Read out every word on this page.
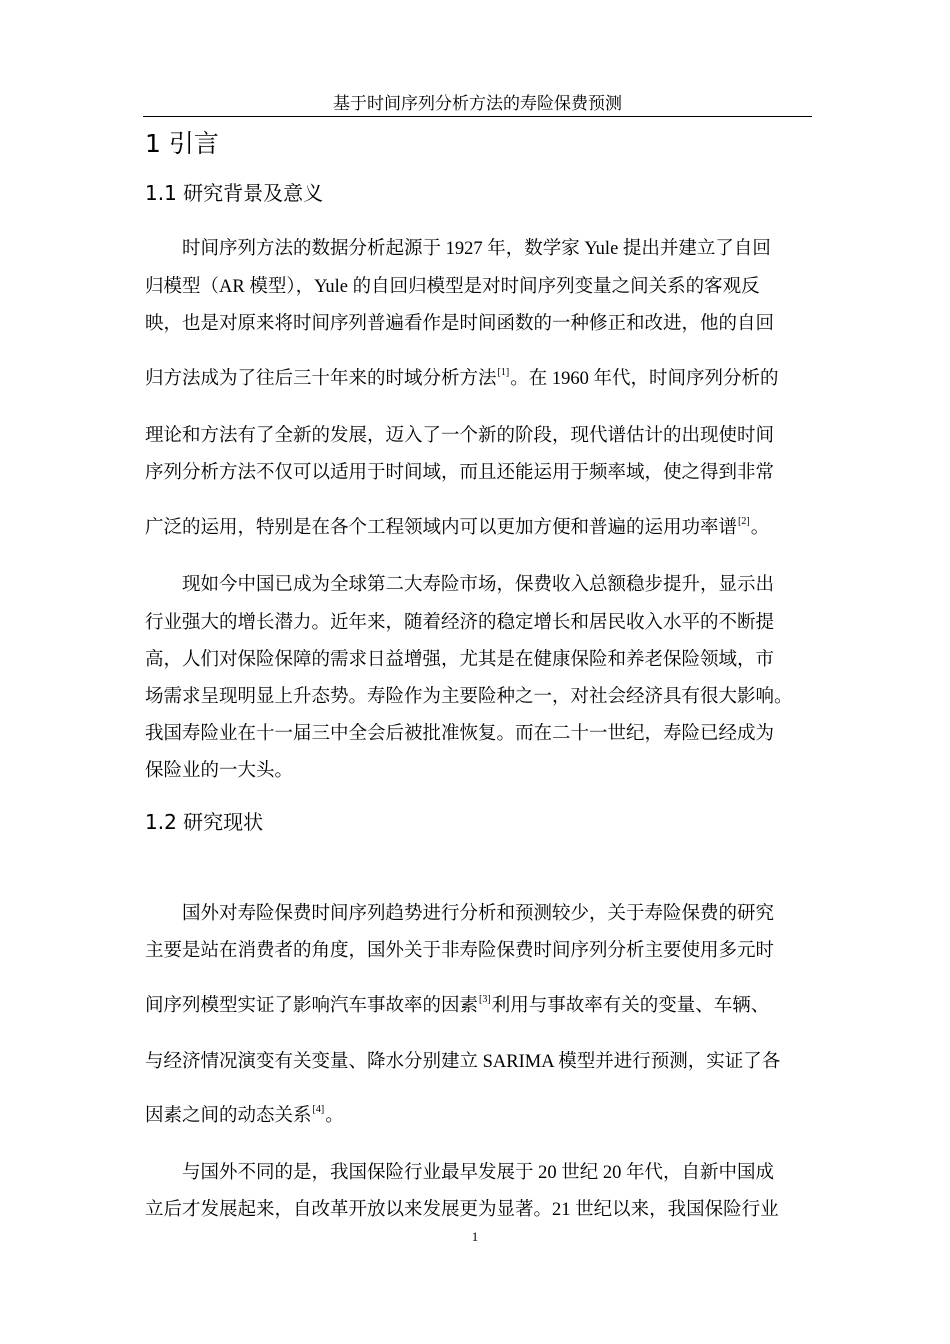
基于时间序列分析方法的寿险保费预测
1 引言
1.1 研究背景及意义
时间序列方法的数据分析起源于 1927 年，数学家 Yule 提出并建立了自回
归模型（AR 模型），Yule 的自回归模型是对时间序列变量之间关系的客观反
映，也是对原来将时间序列普遍看作是时间函数的一种修正和改进，他的自回
归方法成为了往后三十年来的时域分析方法[1]。在 1960 年代，时间序列分析的
理论和方法有了全新的发展，迈入了一个新的阶段，现代谱估计的出现使时间
序列分析方法不仅可以适用于时间域，而且还能运用于频率域，使之得到非常
广泛的运用，特别是在各个工程领域内可以更加方便和普遍的运用功率谱[2]。
现如今中国已成为全球第二大寿险市场，保费收入总额稳步提升，显示出
行业强大的增长潜力。近年来，随着经济的稳定增长和居民收入水平的不断提
高，人们对保险保障的需求日益增强，尤其是在健康保险和养老保险领域，市
场需求呈现明显上升态势。寿险作为主要险种之一，对社会经济具有很大影响。
我国寿险业在十一届三中全会后被批准恢复。而在二十一世纪，寿险已经成为
保险业的一大头。
1.2 研究现状
国外对寿险保费时间序列趋势进行分析和预测较少，关于寿险保费的研究
主要是站在消费者的角度，国外关于非寿险保费时间序列分析主要使用多元时
间序列模型实证了影响汽车事故率的因素[3]利用与事故率有关的变量、车辆、
与经济情况演变有关变量、降水分别建立 SARIMA 模型并进行预测，实证了各
因素之间的动态关系[4]。
与国外不同的是，我国保险行业最早发展于 20 世纪 20 年代，自新中国成
立后才发展起来，自改革开放以来发展更为显著。21 世纪以来，我国保险行业
1
